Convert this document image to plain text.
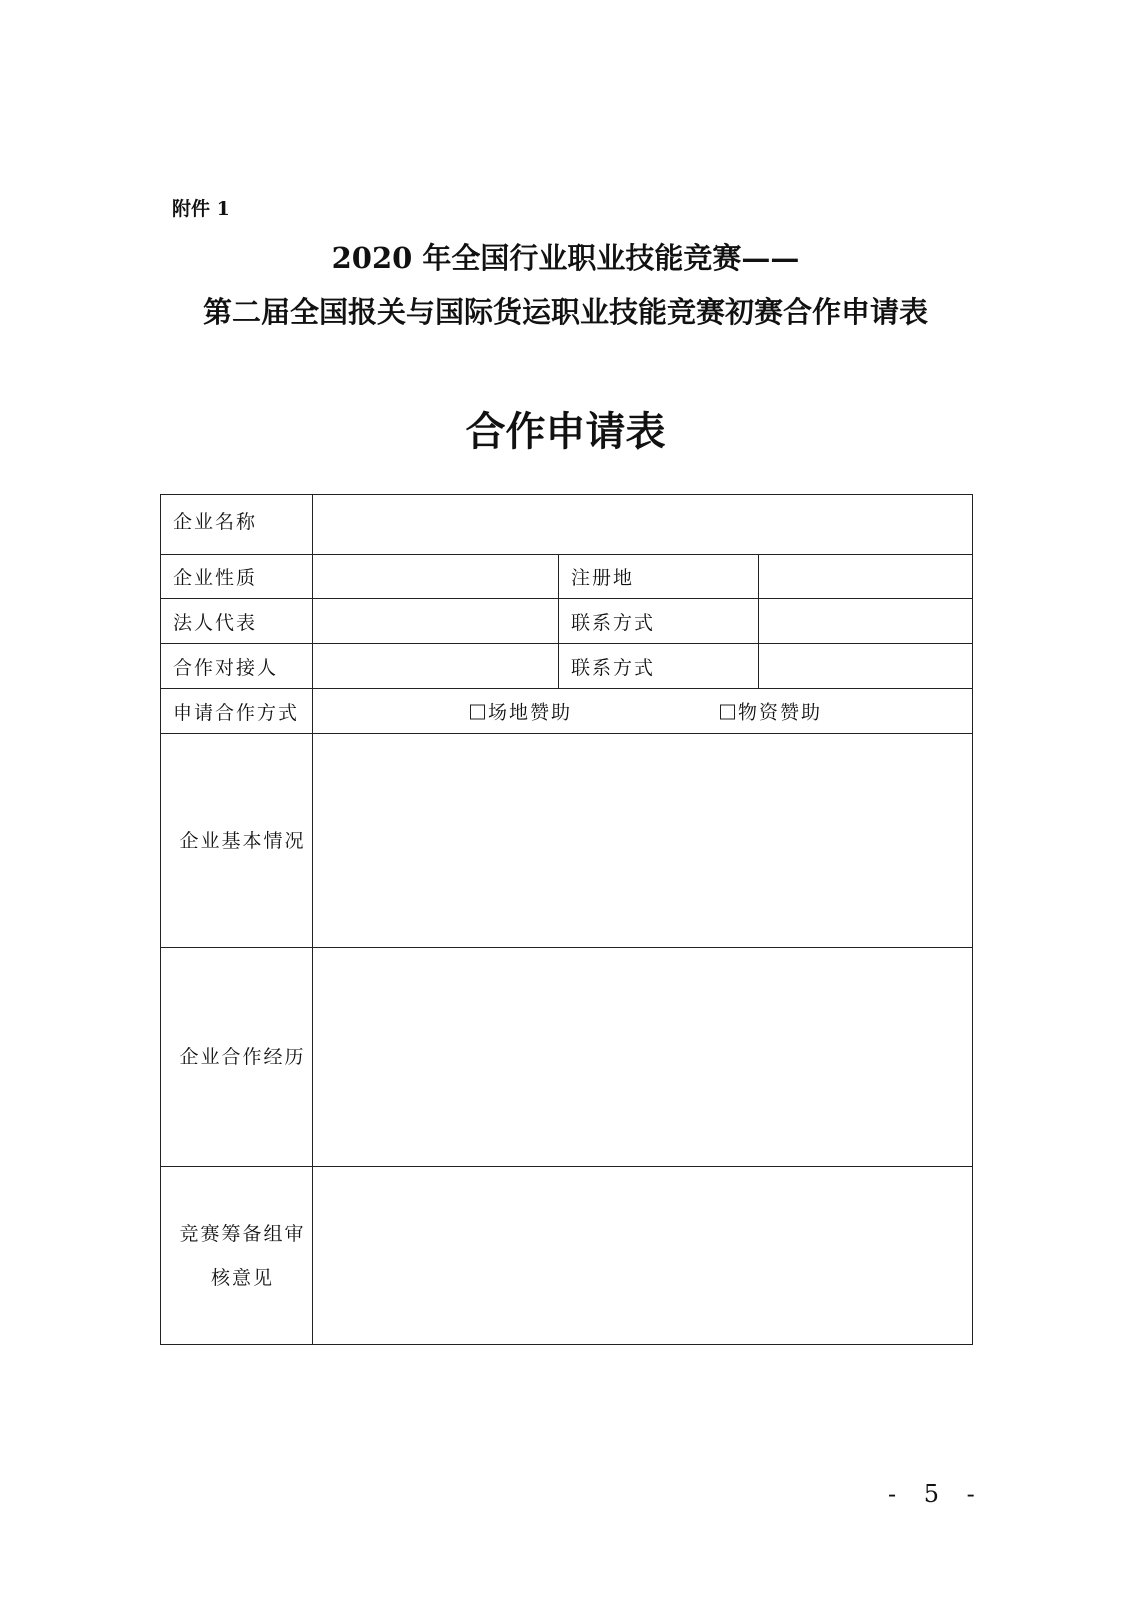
附件 1
2020 年全国行业职业技能竞赛——
第二届全国报关与国际货运职业技能竞赛初赛合作申请表
合作申请表
企业名称			
企业性质		注册地	
法人代表		联系方式	
合作对接人		联系方式	
申请合作方式	场地赞助 物资赞助		

企业基本情况			
企业合作经历			

竞赛筹备组审
核意见			

- 5 -
